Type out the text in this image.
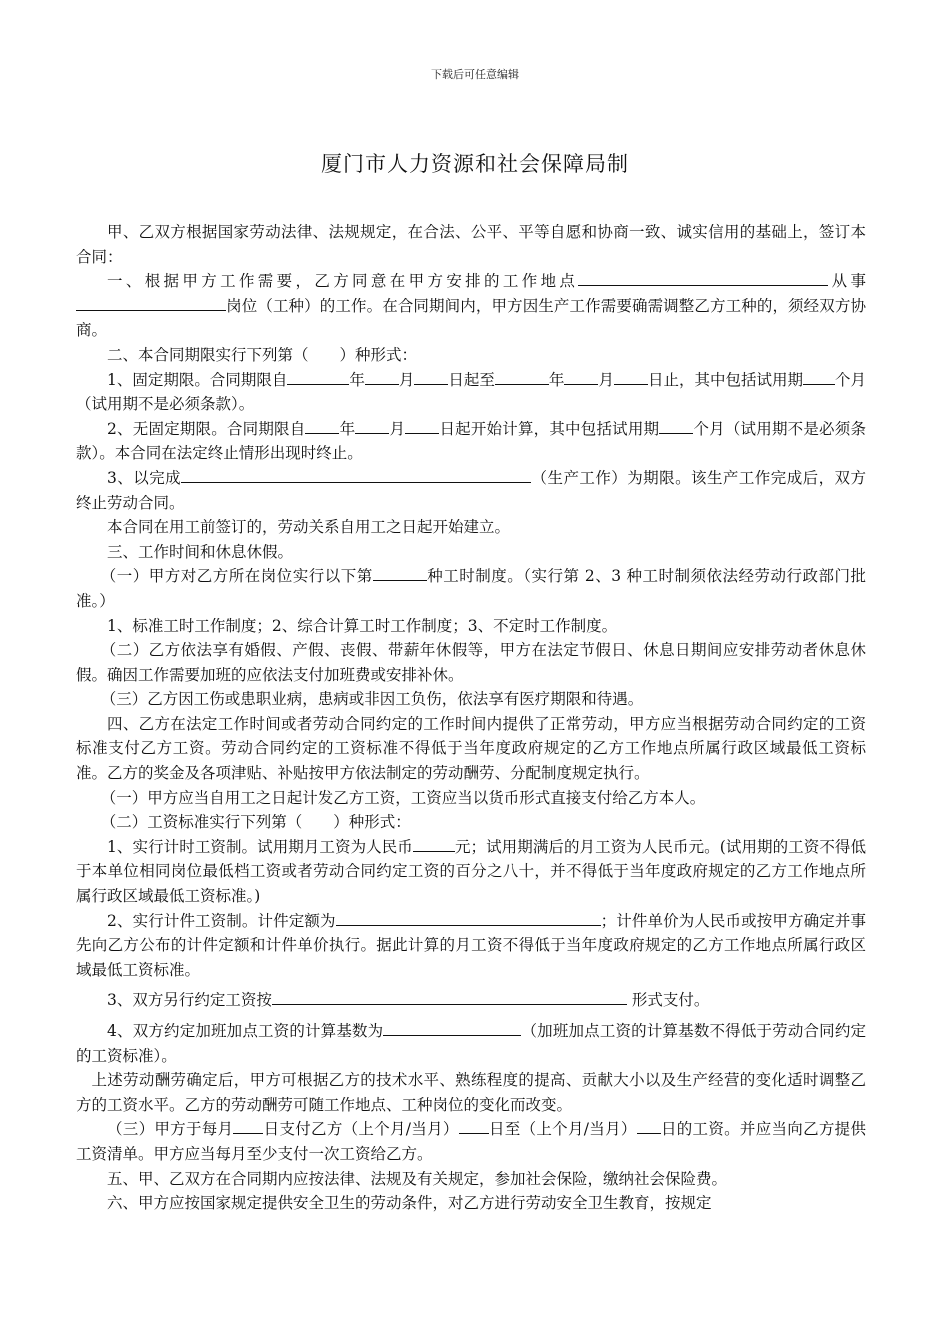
下载后可任意编辑
厦门市人力资源和社会保障局制

甲、乙双方根据国家劳动法律、法规规定，在合法、公平、平等自愿和协商一致、诚实信用的基础上，签订本合同：

一、根据甲方工作需要，乙方同意在甲方安排的工作地点	从事岗位（工种）的工作。在合同期间内，甲方因生产工作需要确需调整乙方工种的，须经双方协商。

二、本合同期限实行下列第（　　）种形式：

1、固定期限。合同期限自	年 月 日起至	年 月 日止，其中包括试用期 个月（试用期不是必须条款）。

2、无固定期限。合同期限自 年 月 日起开始计算，其中包括试用期 个月（试用期不是必须条款）。本合同在法定终止情形出现时终止。

3、以完成	（生产工作）为期限。该生产工作完成后，双方终止劳动合同。

本合同在用工前签订的，劳动关系自用工之日起开始建立。

三、工作时间和休息休假。

（一）甲方对乙方所在岗位实行以下第	种工时制度。（实行第 2、3 种工时制须依法经劳动行政部门批准。）

1、标准工时工作制度；2、综合计算工时工作制度；3、不定时工作制度。

（二）乙方依法享有婚假、产假、丧假、带薪年休假等，甲方在法定节假日、休息日期间应安排劳动者休息休假。确因工作需要加班的应依法支付加班费或安排补休。

（三）乙方因工伤或患职业病，患病或非因工负伤，依法享有医疗期限和待遇。

四、乙方在法定工作时间或者劳动合同约定的工作时间内提供了正常劳动，甲方应当根据劳动合同约定的工资标准支付乙方工资。劳动合同约定的工资标准不得低于当年度政府规定的乙方工作地点所属行政区域最低工资标准。乙方的奖金及各项津贴、补贴按甲方依法制定的劳动酬劳、分配制度规定执行。

（一）甲方应当自用工之日起计发乙方工资，工资应当以货币形式直接支付给乙方本人。

（二）工资标准实行下列第（　　）种形式：

1、实行计时工资制。试用期月工资为人民币	元；试用期满后的月工资为人民币元。(试用期的工资不得低于本单位相同岗位最低档工资或者劳动合同约定工资的百分之八十，并不得低于当年度政府规定的乙方工作地点所属行政区域最低工资标准。)

2、实行计件工资制。计件定额为	；计件单价为人民币或按甲方确定并事先向乙方公布的计件定额和计件单价执行。据此计算的月工资不得低于当年度政府规定的乙方工作地点所属行政区域最低工资标准。

3、双方另行约定工资按	形式支付。

4、双方约定加班加点工资的计算基数为	（加班加点工资的计算基数不得低于劳动合同约定的工资标准）。

上述劳动酬劳确定后，甲方可根据乙方的技术水平、熟练程度的提高、贡献大小以及生产经营的变化适时调整乙方的工资水平。乙方的劳动酬劳可随工作地点、工种岗位的变化而改变。

（三）甲方于每月 日支付乙方（上个月/当月） 日至（上个月/当月） 日的工资。并应当向乙方提供工资清单。甲方应当每月至少支付一次工资给乙方。

五、甲、乙双方在合同期内应按法律、法规及有关规定，参加社会保险，缴纳社会保险费。

六、甲方应按国家规定提供安全卫生的劳动条件，对乙方进行劳动安全卫生教育，按规定
